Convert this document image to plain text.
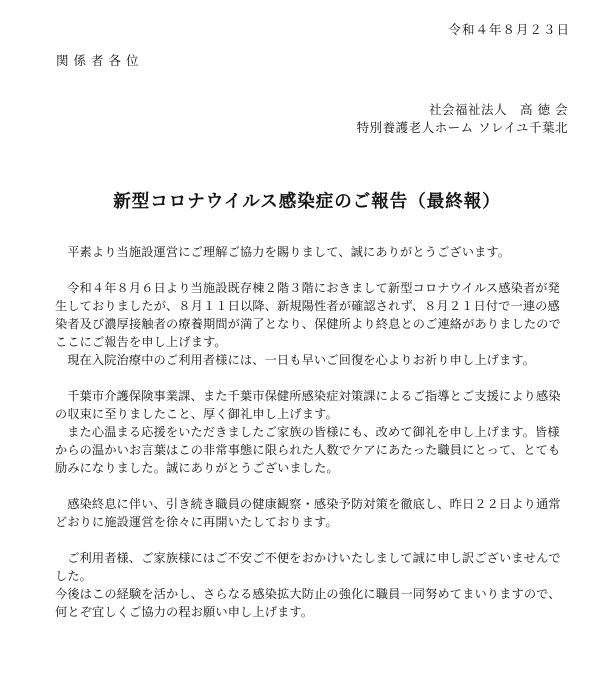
令和４年８月２３日
関係者各位
社会福祉法人　高 徳 会
特別養護老人ホーム ソレイユ千葉北
新型コロナウイルス感染症のご報告（最終報）

平素より当施設運営にご理解ご協力を賜りまして、誠にありがとうございます。

令和４年８月６日より当施設既存棟２階３階におきまして新型コロナウイルス感染者が発生しておりましたが、８月１１日以降、新規陽性者が確認されず、８月２１日付で一連の感染者及び濃厚接触者の療養期間が満了となり、保健所より終息とのご連絡がありましたのでここにご報告を申し上げます。

現在入院治療中のご利用者様には、一日も早いご回復を心よりお祈り申し上げます。

千葉市介護保険事業課、また千葉市保健所感染症対策課によるご指導とご支援により感染の収束に至りましたこと、厚く御礼申し上げます。

また心温まる応援をいただきましたご家族の皆様にも、改めて御礼を申し上げます。皆様からの温かいお言葉はこの非常事態に限られた人数でケアにあたった職員にとって、とても励みになりました。誠にありがとうございました。

感染終息に伴い、引き続き職員の健康観察・感染予防対策を徹底し、昨日２２日より通常どおりに施設運営を徐々に再開いたしております。

ご利用者様、ご家族様にはご不安ご不便をおかけいたしまして誠に申し訳ございませんでした。

今後はこの経験を活かし、さらなる感染拡大防止の強化に職員一同努めてまいりますので、何とぞ宜しくご協力の程お願い申し上げます。
